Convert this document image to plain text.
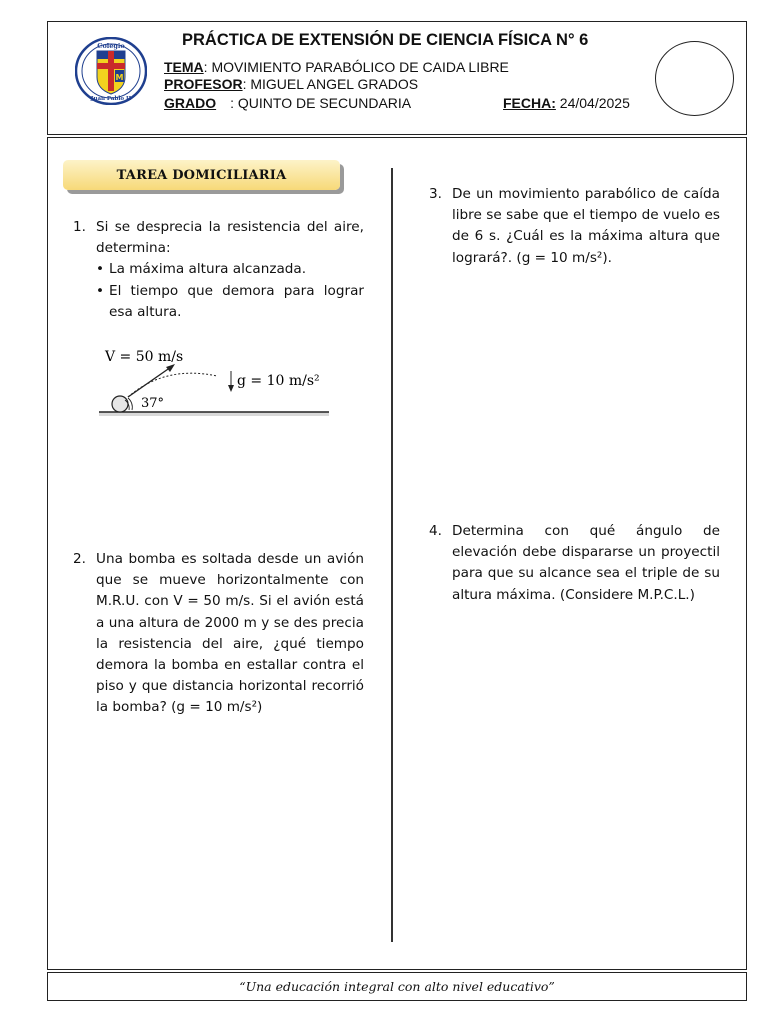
Colegio
M
Juan Pablo II
PRÁCTICA DE EXTENSIÓN DE CIENCIA FÍSICA N° 6
TEMA: MOVIMIENTO PARABÓLICO DE CAIDA LIBRE
PROFESOR: MIGUEL ANGEL GRADOS
GRADO : QUINTO DE SECUNDARIA	FECHA: 24/04/2025
TAREA DOMICILIARIA
1. Si se desprecia la resistencia del aire, determina:

• La máxima altura alcanzada.
• El tiempo que demora para lograr esa altura.
V = 50 m/s
g = 10 m/s²
37°
2. Una bomba es soltada desde un avión que se mueve horizontalmente con M.R.U. con V = 50 m/s. Si el avión está a una altura de 2000 m y se des precia la resistencia del aire, ¿qué tiempo demora la bomba en estallar contra el piso y que distancia horizontal recorrió la bomba? (g = 10 m/s²)

3. De un movimiento parabólico de caída libre se sabe que el tiempo de vuelo es de 6 s. ¿Cuál es la máxima altura que logrará?. (g = 10 m/s²).

4. Determina con qué ángulo de elevación debe dispararse un proyectil para que su alcance sea el triple de su altura máxima. (Considere M.P.C.L.)

“Una educación integral con alto nivel educativo”
